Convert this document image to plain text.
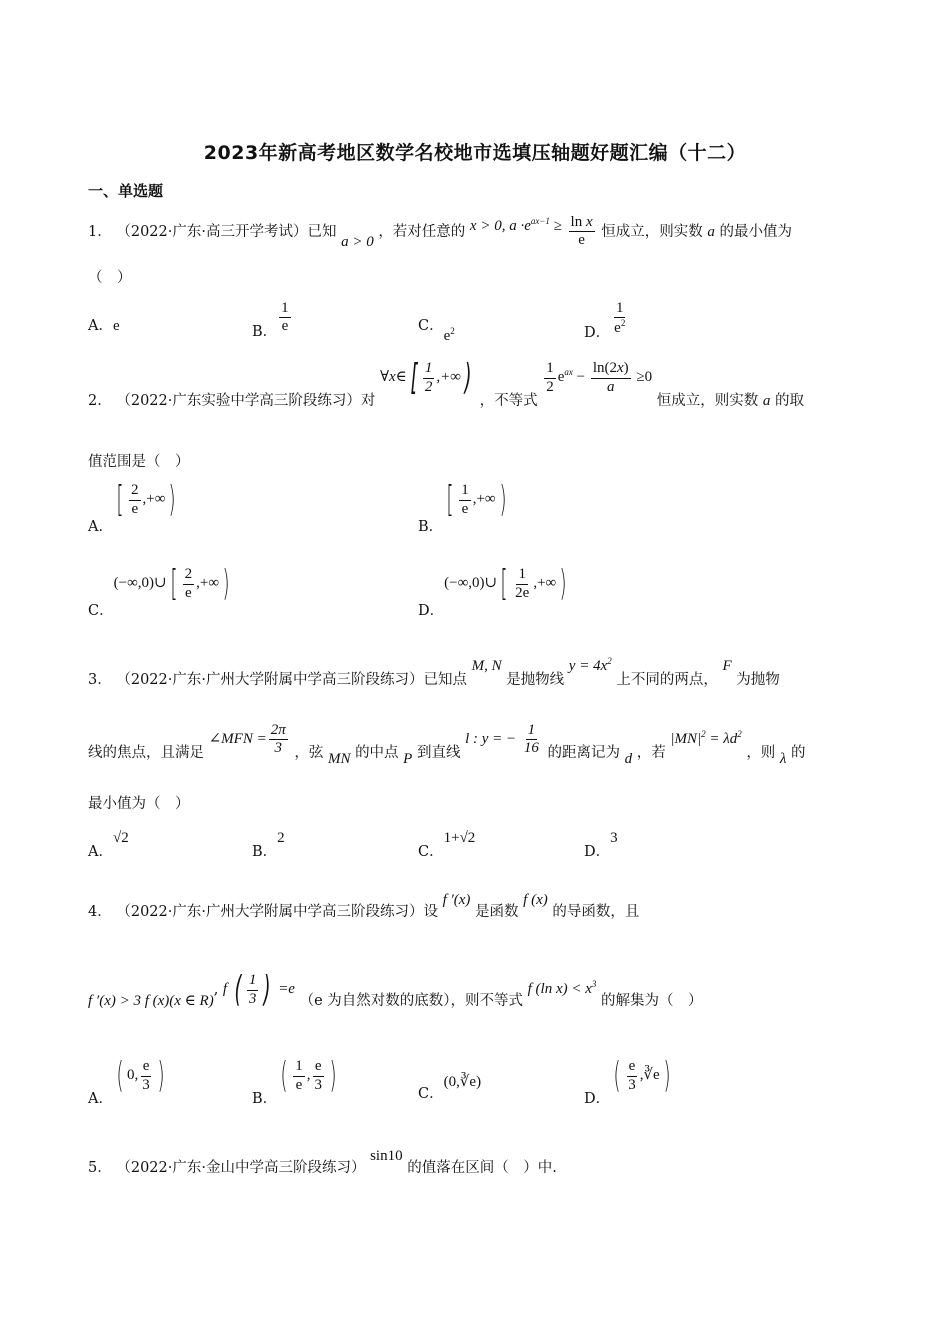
2023年新高考地区数学名校地市选填压轴题好题汇编（十二）
一、单选题
1． （2022·广东·高三开学考试）已知 a > 0 ，若对任意的 x > 0, $a \cdot e^{ax-1} \ge \frac{\text{ln x}}{e}$ 恒成立，则实数 a 的最小值为
（　）
A．e	B． $\frac{1}{e}$	C．$e^2$	D． $\frac{1}{e^2}$
2． （2022·广东实验中学高三阶段练习）对 ∀x∈[ $\frac{1}{2}$ ,+∞) ，不等式
$\frac{1}{2} e^{ax} - \frac{\ln(2x)}{a} \ge 0$ 恒成立，则实数 a 的取
值范围是（　）
A．[ $\frac{2}{e}$ ,+∞)
B．[ $\frac{1}{e}$ ,+∞)
C．(−∞,0)∪[ $\frac{2}{e}$ ,+∞)
D．(−∞,0)∪[ $\frac{1}{2e}$ ,+∞)
3． （2022·广东·广州大学附属中学高三阶段练习）已知点 M, N 是抛物线 $y = 4x^2$ 上不同的两点， F 为抛物
线的焦点，且满足 ∠MFN = $\frac{2\pi}{3}$ ，弦 MN 的中点 P 到直线 l : y = − $\frac{1}{16}$ 的距离记为 d ，若 $|MN|^2 = \lambda d^2$ ，则 λ 的
最小值为（　）
A．√2
B．2
C．1+√2
D．3
4． （2022·广东·广州大学附属中学高三阶段练习）设 f ′(x) 是函数 f (x) 的导函数，且
f ′(x) > 3 f (x)(x ∈ R), f ( $\frac{1}{3}$ ) =e （e 为自然对数的底数），则不等式 f (ln $x) < x^3$ 的解集为（　）
A．( 0, $\frac{e}{3}$ )
B．( $\frac{1}{e}$ , $\frac{e}{3}$ )	C．(0,∛e)
D．( $\frac{e}{3}$ ,∛e)
5． （2022·广东·金山中学高三阶段练习） sin10 的值落在区间（　）中.
